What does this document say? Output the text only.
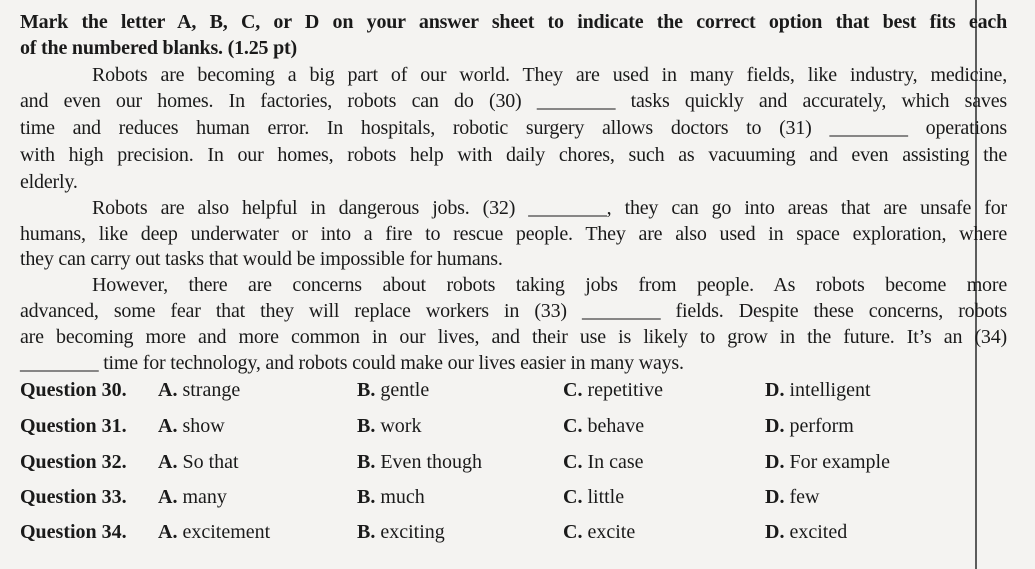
Mark the letter A, B, C, or D on your answer sheet to indicate the correct option that best fits each
of the numbered blanks. (1.25 pt)
Robots are becoming a big part of our world. They are used in many fields, like industry, medicine,
and even our homes. In factories, robots can do (30) ________ tasks quickly and accurately, which saves
time and reduces human error. In hospitals, robotic surgery allows doctors to (31) ________ operations
with high precision. In our homes, robots help with daily chores, such as vacuuming and even assisting the
elderly.
Robots are also helpful in dangerous jobs. (32) ________, they can go into areas that are unsafe for
humans, like deep underwater or into a fire to rescue people. They are also used in space exploration, where
they can carry out tasks that would be impossible for humans.
However, there are concerns about robots taking jobs from people. As robots become more
advanced, some fear that they will replace workers in (33) ________ fields. Despite these concerns, robots
are becoming more and more common in our lives, and their use is likely to grow in the future. It’s an (34)
________ time for technology, and robots could make our lives easier in many ways.
Question 30. A. strange	B. gentle	C. repetitive	D. intelligent
Question 31. A. show	B. work	C. behave	D. perform
Question 32. A. So that	B. Even though	C. In case	D. For example
Question 33. A. many	B. much	C. little	D. few
Question 34. A. excitement	B. exciting	C. excite	D. excited
